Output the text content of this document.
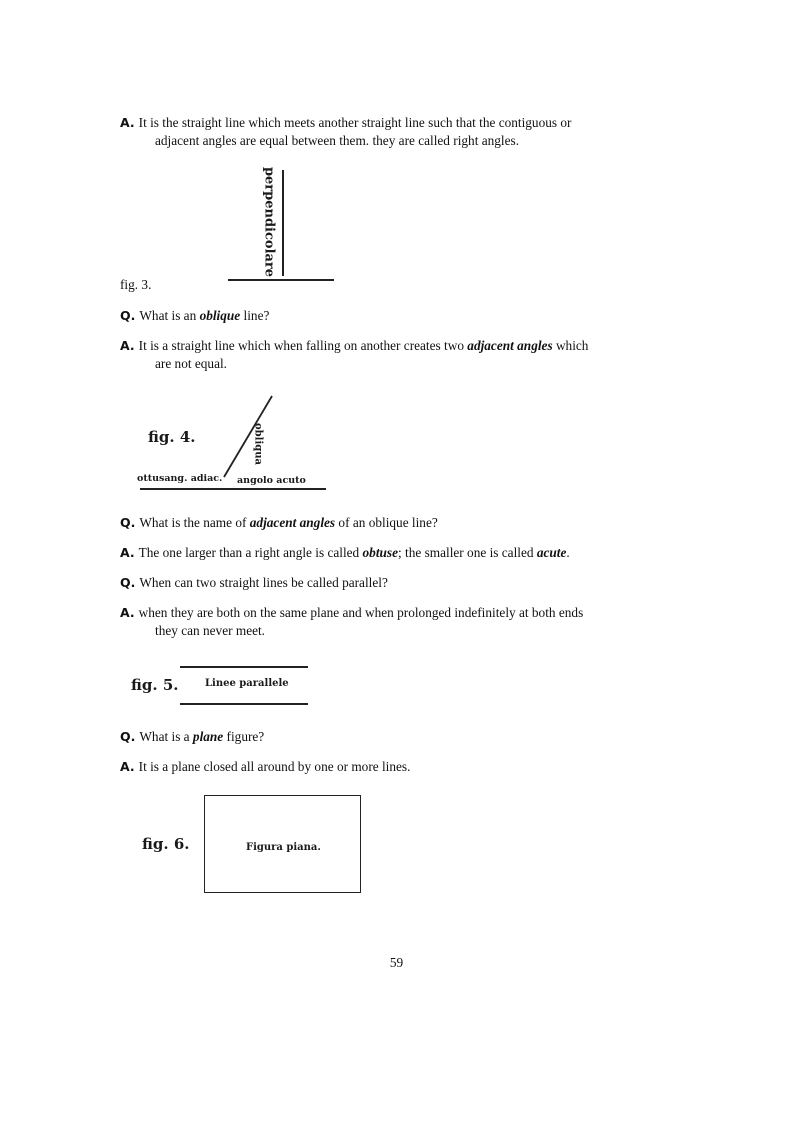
A. It is the straight line which meets another straight line such that the contiguous or
adjacent angles are equal between them. they are called right angles.
fig. 3.
perpendicolare
Q. What is an oblique line?
A. It is a straight line which when falling on another creates two adjacent angles which
are not equal.
fig. 4.	obliqua
ottusang. adiac. angolo acuto
Q. What is the name of adjacent angles of an oblique line?
A. The one larger than a right angle is called obtuse; the smaller one is called acute.
Q. When can two straight lines be called parallel?
A. when they are both on the same plane and when prolonged indefinitely at both ends
they can never meet.
fig. 5.	Linee parallele
Q. What is a plane figure?
A. It is a plane closed all around by one or more lines.
fig. 6.	Figura piana.
59
